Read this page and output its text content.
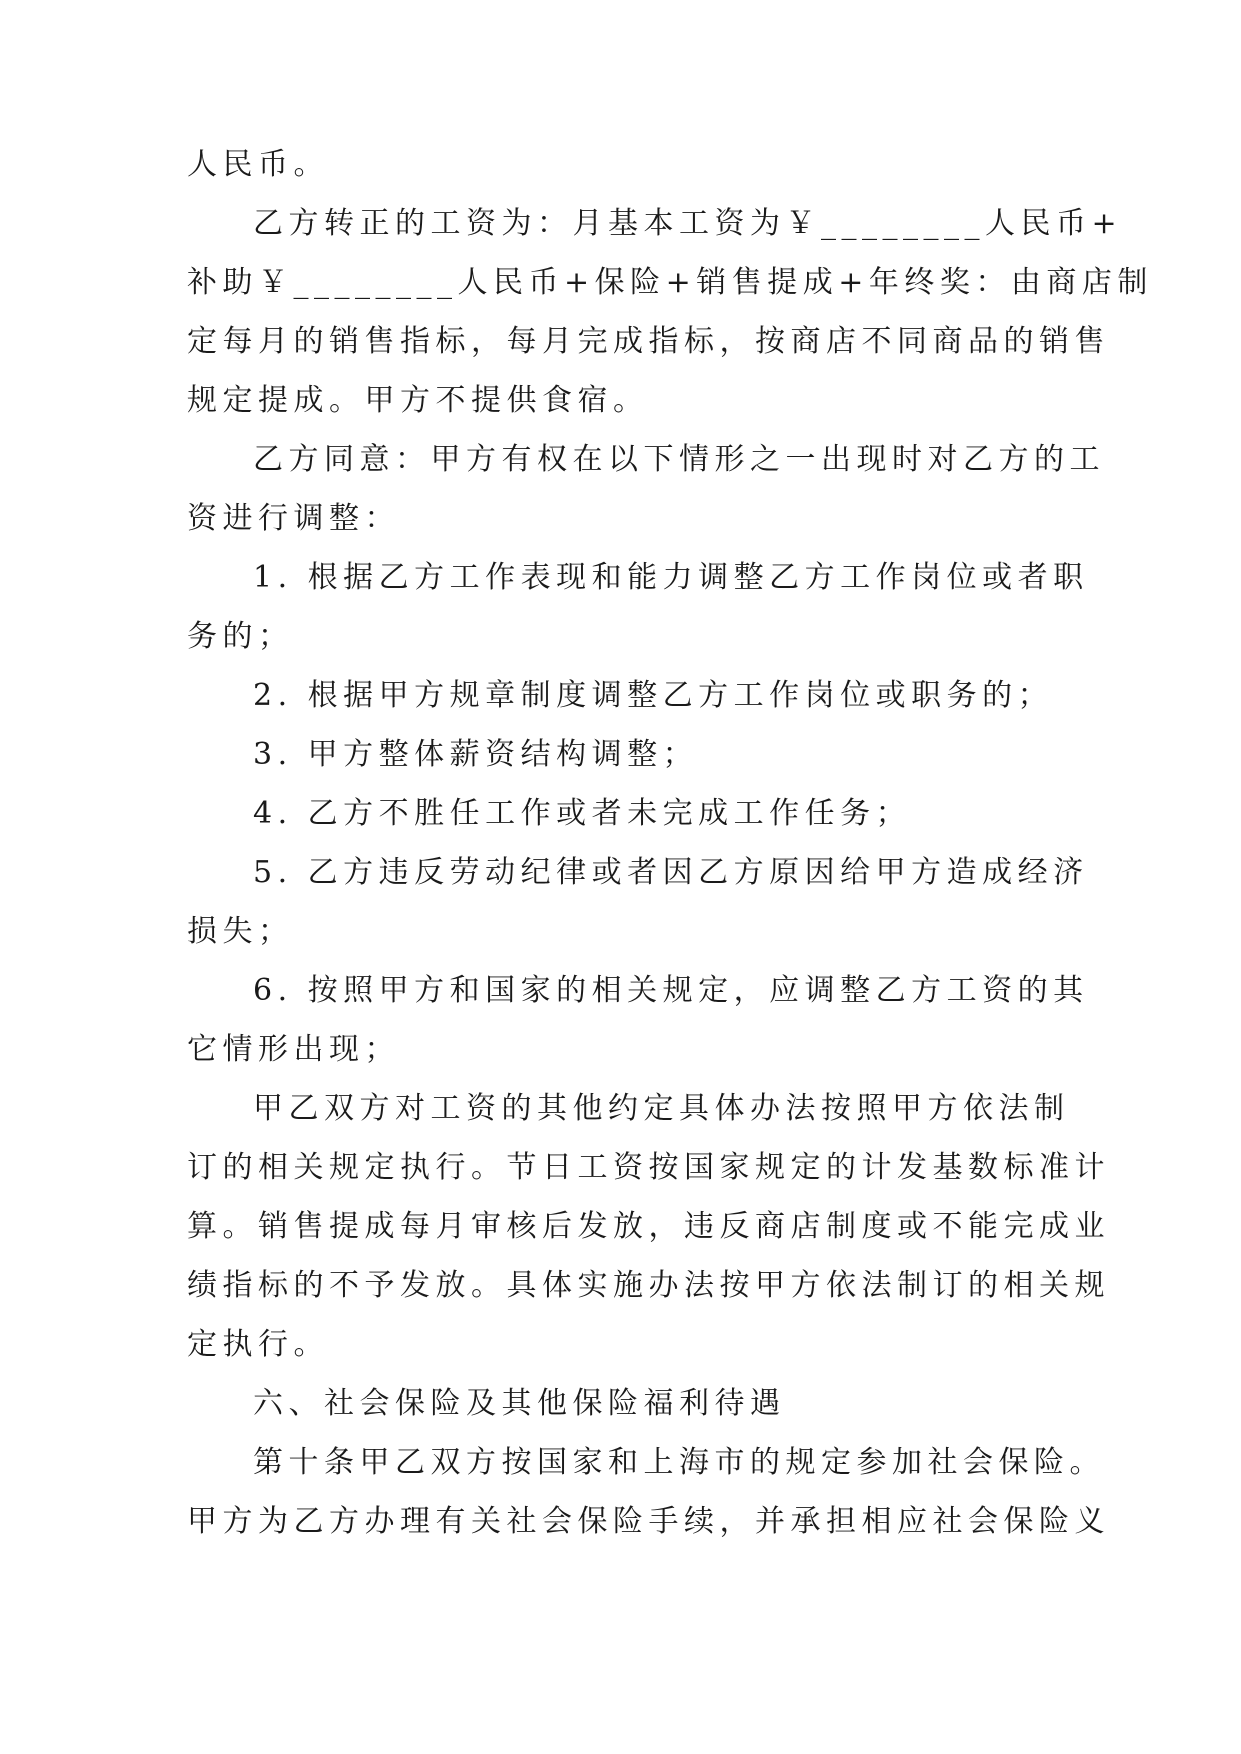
人民币。
乙方转正的工资为：月基本工资为￥________人民币+
补助￥________人民币+保险+销售提成+年终奖：由商店制
定每月的销售指标，每月完成指标，按商店不同商品的销售
规定提成。甲方不提供食宿。
乙方同意：甲方有权在以下情形之一出现时对乙方的工
资进行调整：
1. 根据乙方工作表现和能力调整乙方工作岗位或者职
务的；
2. 根据甲方规章制度调整乙方工作岗位或职务的；
3. 甲方整体薪资结构调整；
4. 乙方不胜任工作或者未完成工作任务；
5. 乙方违反劳动纪律或者因乙方原因给甲方造成经济
损失；
6. 按照甲方和国家的相关规定，应调整乙方工资的其
它情形出现；
甲乙双方对工资的其他约定具体办法按照甲方依法制
订的相关规定执行。节日工资按国家规定的计发基数标准计
算。销售提成每月审核后发放，违反商店制度或不能完成业
绩指标的不予发放。具体实施办法按甲方依法制订的相关规
定执行。
六、社会保险及其他保险福利待遇
第十条甲乙双方按国家和上海市的规定参加社会保险。
甲方为乙方办理有关社会保险手续，并承担相应社会保险义
